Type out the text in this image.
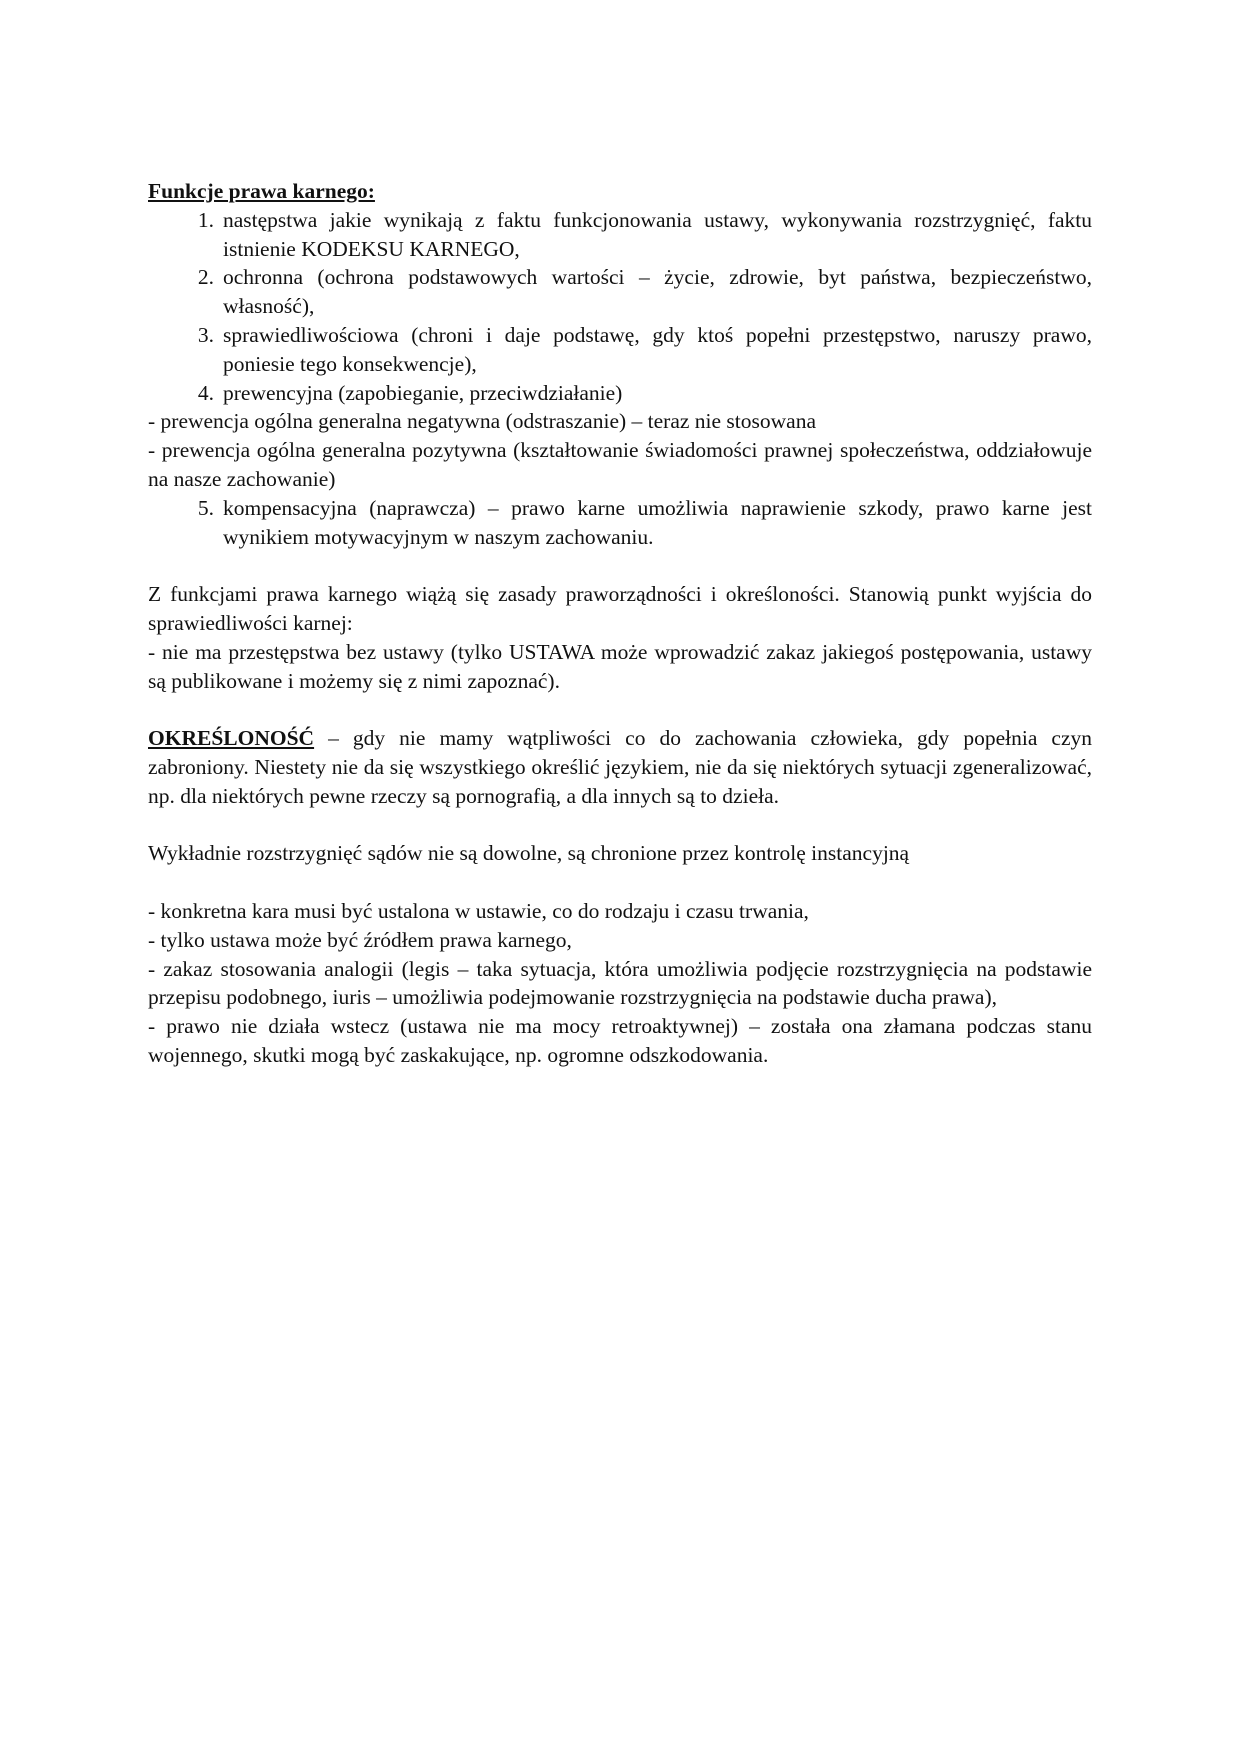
Funkcje prawa karnego:

1. następstwa jakie wynikają z faktu funkcjonowania ustawy, wykonywania rozstrzygnięć, faktu istnienie KODEKSU KARNEGO,
2. ochronna (ochrona podstawowych wartości – życie, zdrowie, byt państwa, bezpieczeństwo, własność),
3. sprawiedliwościowa (chroni i daje podstawę, gdy ktoś popełni przestępstwo, naruszy prawo, poniesie tego konsekwencje),
4. prewencyjna (zapobieganie, przeciwdziałanie)

- prewencja ogólna generalna negatywna (odstraszanie) – teraz nie stosowana

- prewencja ogólna generalna pozytywna (kształtowanie świadomości prawnej społeczeństwa, oddziałowuje na nasze zachowanie)

5. kompensacyjna (naprawcza) – prawo karne umożliwia naprawienie szkody, prawo karne jest wynikiem motywacyjnym w naszym zachowaniu.

Z funkcjami prawa karnego wiążą się zasady praworządności i określoności. Stanowią punkt wyjścia do sprawiedliwości karnej:

- nie ma przestępstwa bez ustawy (tylko USTAWA może wprowadzić zakaz jakiegoś postępowania, ustawy są publikowane i możemy się z nimi zapoznać).

OKREŚLONOŚĆ – gdy nie mamy wątpliwości co do zachowania człowieka, gdy popełnia czyn zabroniony. Niestety nie da się wszystkiego określić językiem, nie da się niektórych sytuacji zgeneralizować, np. dla niektórych pewne rzeczy są pornografią, a dla innych są to dzieła.

Wykładnie rozstrzygnięć sądów nie są dowolne, są chronione przez kontrolę instancyjną

- konkretna kara musi być ustalona w ustawie, co do rodzaju i czasu trwania,

- tylko ustawa może być źródłem prawa karnego,

- zakaz stosowania analogii (legis – taka sytuacja, która umożliwia podjęcie rozstrzygnięcia na podstawie przepisu podobnego, iuris – umożliwia podejmowanie rozstrzygnięcia na podstawie ducha prawa),

- prawo nie działa wstecz (ustawa nie ma mocy retroaktywnej) – została ona złamana podczas stanu wojennego, skutki mogą być zaskakujące, np. ogromne odszkodowania.
